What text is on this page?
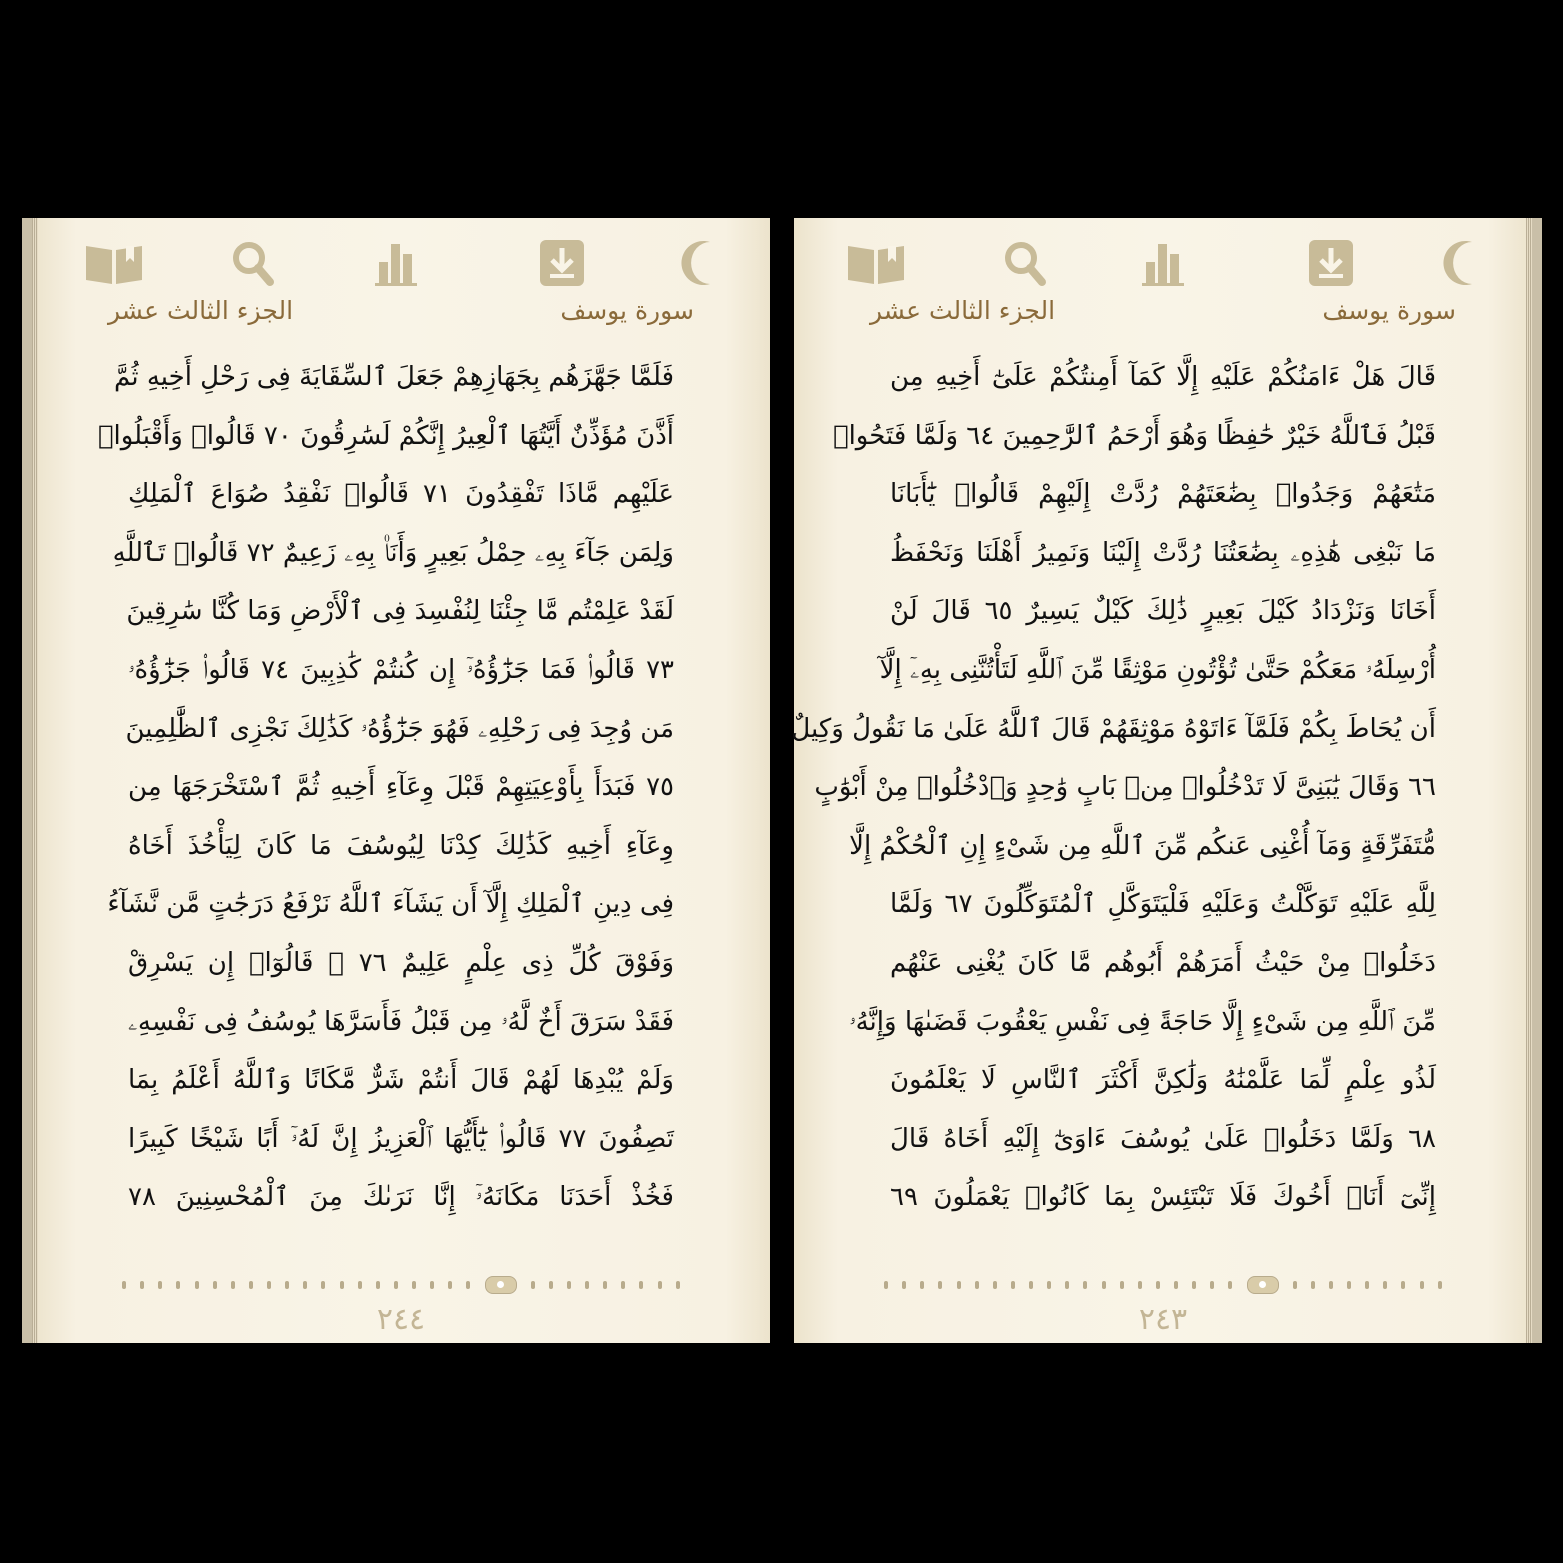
سورة يوسف
الجزء الثالث عشر
فَلَمَّا جَهَّزَهُم بِجَهَازِهِمْ جَعَلَ ٱلسِّقَايَةَ فِى رَحْلِ أَخِيهِ ثُمَّ
أَذَّنَ مُؤَذِّنٌ أَيَّتُهَا ٱلْعِيرُ إِنَّكُمْ لَسَٰرِقُونَ ٧٠ قَالُوا۟ وَأَقْبَلُوا۟
عَلَيْهِم مَّاذَا تَفْقِدُونَ ٧١ قَالُوا۟ نَفْقِدُ صُوَاعَ ٱلْمَلِكِ
وَلِمَن جَآءَ بِهِۦ حِمْلُ بَعِيرٍ وَأَنَا۠ بِهِۦ زَعِيمٌ ٧٢ قَالُوا۟ تَٱللَّهِ
لَقَدْ عَلِمْتُم مَّا جِئْنَا لِنُفْسِدَ فِى ٱلْأَرْضِ وَمَا كُنَّا سَٰرِقِينَ
٧٣ قَالُوا۟ فَمَا جَزَٰٓؤُهُۥٓ إِن كُنتُمْ كَٰذِبِينَ ٧٤ قَالُوا۟ جَزَٰٓؤُهُۥ
مَن وُجِدَ فِى رَحْلِهِۦ فَهُوَ جَزَٰٓؤُهُۥ كَذَٰلِكَ نَجْزِى ٱلظَّٰلِمِينَ
٧٥ فَبَدَأَ بِأَوْعِيَتِهِمْ قَبْلَ وِعَآءِ أَخِيهِ ثُمَّ ٱسْتَخْرَجَهَا مِن
وِعَآءِ أَخِيهِ كَذَٰلِكَ كِدْنَا لِيُوسُفَ مَا كَانَ لِيَأْخُذَ أَخَاهُ
فِى دِينِ ٱلْمَلِكِ إِلَّآ أَن يَشَآءَ ٱللَّهُ نَرْفَعُ دَرَجَٰتٍ مَّن نَّشَآءُ
وَفَوْقَ كُلِّ ذِى عِلْمٍ عَلِيمٌ ٧٦ ۞ قَالُوٓا۟ إِن يَسْرِقْ
فَقَدْ سَرَقَ أَخٌ لَّهُۥ مِن قَبْلُ فَأَسَرَّهَا يُوسُفُ فِى نَفْسِهِۦ
وَلَمْ يُبْدِهَا لَهُمْ قَالَ أَنتُمْ شَرٌّ مَّكَانًا وَٱللَّهُ أَعْلَمُ بِمَا
تَصِفُونَ ٧٧ قَالُوا۟ يَٰٓأَيُّهَا ٱلْعَزِيزُ إِنَّ لَهُۥٓ أَبًا شَيْخًا كَبِيرًا
فَخُذْ أَحَدَنَا مَكَانَهُۥٓ إِنَّا نَرَىٰكَ مِنَ ٱلْمُحْسِنِينَ ٧٨
٢٤٤
سورة يوسف
الجزء الثالث عشر
قَالَ هَلْ ءَامَنُكُمْ عَلَيْهِ إِلَّا كَمَآ أَمِنتُكُمْ عَلَىٰٓ أَخِيهِ مِن
قَبْلُ فَٱللَّهُ خَيْرٌ حَٰفِظًا وَهُوَ أَرْحَمُ ٱلرَّٰحِمِينَ ٦٤ وَلَمَّا فَتَحُوا۟
مَتَٰعَهُمْ وَجَدُوا۟ بِضَٰعَتَهُمْ رُدَّتْ إِلَيْهِمْ قَالُوا۟ يَٰٓأَبَانَا
مَا نَبْغِى هَٰذِهِۦ بِضَٰعَتُنَا رُدَّتْ إِلَيْنَا وَنَمِيرُ أَهْلَنَا وَنَحْفَظُ
أَخَانَا وَنَزْدَادُ كَيْلَ بَعِيرٍ ذَٰلِكَ كَيْلٌ يَسِيرٌ ٦٥ قَالَ لَنْ
أُرْسِلَهُۥ مَعَكُمْ حَتَّىٰ تُؤْتُونِ مَوْثِقًا مِّنَ ٱللَّهِ لَتَأْتُنَّنِى بِهِۦٓ إِلَّآ
أَن يُحَاطَ بِكُمْ فَلَمَّآ ءَاتَوْهُ مَوْثِقَهُمْ قَالَ ٱللَّهُ عَلَىٰ مَا نَقُولُ وَكِيلٌ
٦٦ وَقَالَ يَٰبَنِىَّ لَا تَدْخُلُوا۟ مِنۢ بَابٍ وَٰحِدٍ وَٱدْخُلُوا۟ مِنْ أَبْوَٰبٍ
مُّتَفَرِّقَةٍ وَمَآ أُغْنِى عَنكُم مِّنَ ٱللَّهِ مِن شَىْءٍ إِنِ ٱلْحُكْمُ إِلَّا
لِلَّهِ عَلَيْهِ تَوَكَّلْتُ وَعَلَيْهِ فَلْيَتَوَكَّلِ ٱلْمُتَوَكِّلُونَ ٦٧ وَلَمَّا
دَخَلُوا۟ مِنْ حَيْثُ أَمَرَهُمْ أَبُوهُم مَّا كَانَ يُغْنِى عَنْهُم
مِّنَ ٱللَّهِ مِن شَىْءٍ إِلَّا حَاجَةً فِى نَفْسِ يَعْقُوبَ قَضَىٰهَا وَإِنَّهُۥ
لَذُو عِلْمٍ لِّمَا عَلَّمْنَٰهُ وَلَٰكِنَّ أَكْثَرَ ٱلنَّاسِ لَا يَعْلَمُونَ
٦٨ وَلَمَّا دَخَلُوا۟ عَلَىٰ يُوسُفَ ءَاوَىٰٓ إِلَيْهِ أَخَاهُ قَالَ
إِنِّىٓ أَنَا۠ أَخُوكَ فَلَا تَبْتَئِسْ بِمَا كَانُوا۟ يَعْمَلُونَ ٦٩
٢٤٣
